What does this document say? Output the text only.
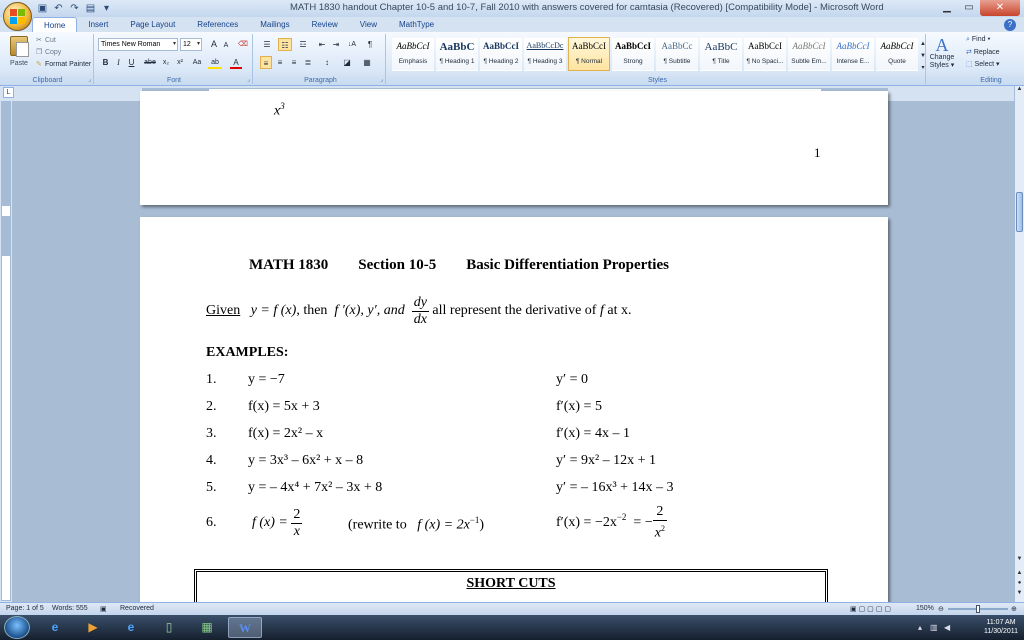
▣ ↶ ↷ ▤ ▾	MATH 1830 handout Chapter 10-5 and 10-7, Fall 2010 with answers covered for camtasia (Recovered) [Compatibility Mode] - Microsoft Word	▁	▭	✕
Home	Insert	Page Layout	References	Mailings	Review	View	MathType	?
Paste
✂ Cut
❐ Copy
✎ Format Painter
Clipboard	⌟
Times New Roman ▾	12 ▾	A A	⌫
B	I	U	abe	x₂	x²	Aa	ab	A
Font	⌟
☰	☷	☲	⇤ ⇥	↓A	¶
≡	≡	≡	≣	↕	◪	▦
Paragraph	⌟
AaBbCcI
Emphasis
AaBbC
¶ Heading 1
AaBbCcI
¶ Heading 2
AaBbCcDc
¶ Heading 3
AaBbCcI
¶ Normal
AaBbCcI
Strong
AaBbCc
¶ Subtitle
AaBbC
¶ Title
AaBbCcI
¶ No Spaci...
AaBbCcI
Subtle Em...
AaBbCcI
Intense E...
AaBbCcI
Quote
▲
▼
▾
Styles
A
Change
Styles ▾
⌕ Find ▾
⇄ Replace
⬚ Select ▾
Editing
L
$x^3$
1
MATH 1830        Section 10-5        Basic Differentiation Properties
Given
y = f (x) , then
f ′(x), y′, and
$\frac{dy}{dx}$
all represent the derivative of
f
at x.
EXAMPLES:
1. y = −7	y′ = 0
2. f(x) = 5x + 3	f′(x) = 5
3. f(x) = 2x² – x	f′(x) = 4x – 1
4. y = 3x³ – 6x² + x – 8	y′ = 9x² – 12x + 1
5. y = – 4x⁴ + 7x² – 3x + 8	y′ = – 16x³ + 14x – 3
6.	f (x) =
$\frac{2}{x}$	(rewrite to f $(x) = 2x^{-1}$)	$f'(x) = -2x^{-2}$
= − $\frac{2}{x^2}$
SHORT CUTS
▲
▼
▲
●
▼
Page: 1 of 5 Words: 555 ▣ Recovered	▣ ▢ ▢ ▢ ▢	150% ⊖	⊕
e	▶	e	▯	▦	W	▴ ▥ ◀
11:07 AM
11/30/2011
